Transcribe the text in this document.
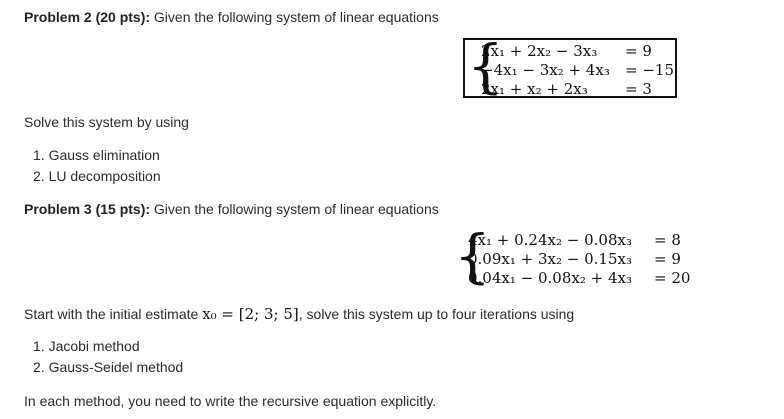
Problem 2 (20 pts): Given the following system of linear equations
{
2x₁ + 2x₂ − 3x₃ = 9
−4x₁ − 3x₂ + 4x₃ = −15
2x₁ + x₂ + 2x₃ = 3
Solve this system by using
1. Gauss elimination
2. LU decomposition
Problem 3 (15 pts): Given the following system of linear equations
{
4x₁ + 0.24x₂ − 0.08x₃ = 8
0.09x₁ + 3x₂ − 0.15x₃ = 9
0.04x₁ − 0.08x₂ + 4x₃ = 20
Start with the initial estimate x₀ = [2; 3; 5], solve this system up to four iterations using
1. Jacobi method
2. Gauss-Seidel method
In each method, you need to write the recursive equation explicitly.
